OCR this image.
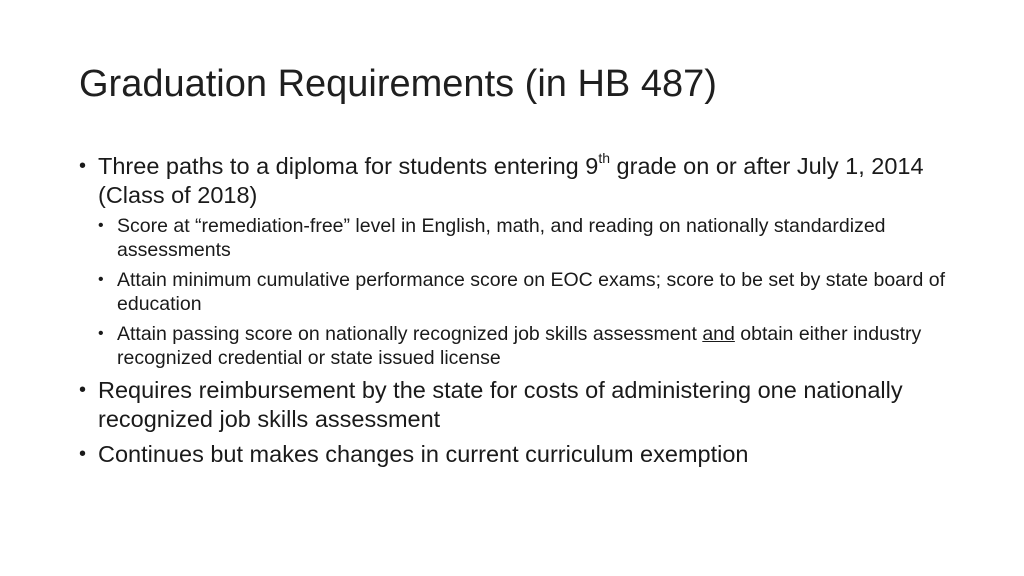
Graduation Requirements (in HB 487)
• Three paths to a diploma for students entering 9th grade on or after July 1, 2014 (Class of 2018)
• Score at “remediation-free” level in English, math, and reading on nationally standardized assessments
• Attain minimum cumulative performance score on EOC exams; score to be set by state board of education
• Attain passing score on nationally recognized job skills assessment and obtain either industry recognized credential or state issued license
• Requires reimbursement by the state for costs of administering one nationally recognized job skills assessment
• Continues but makes changes in current curriculum exemption
